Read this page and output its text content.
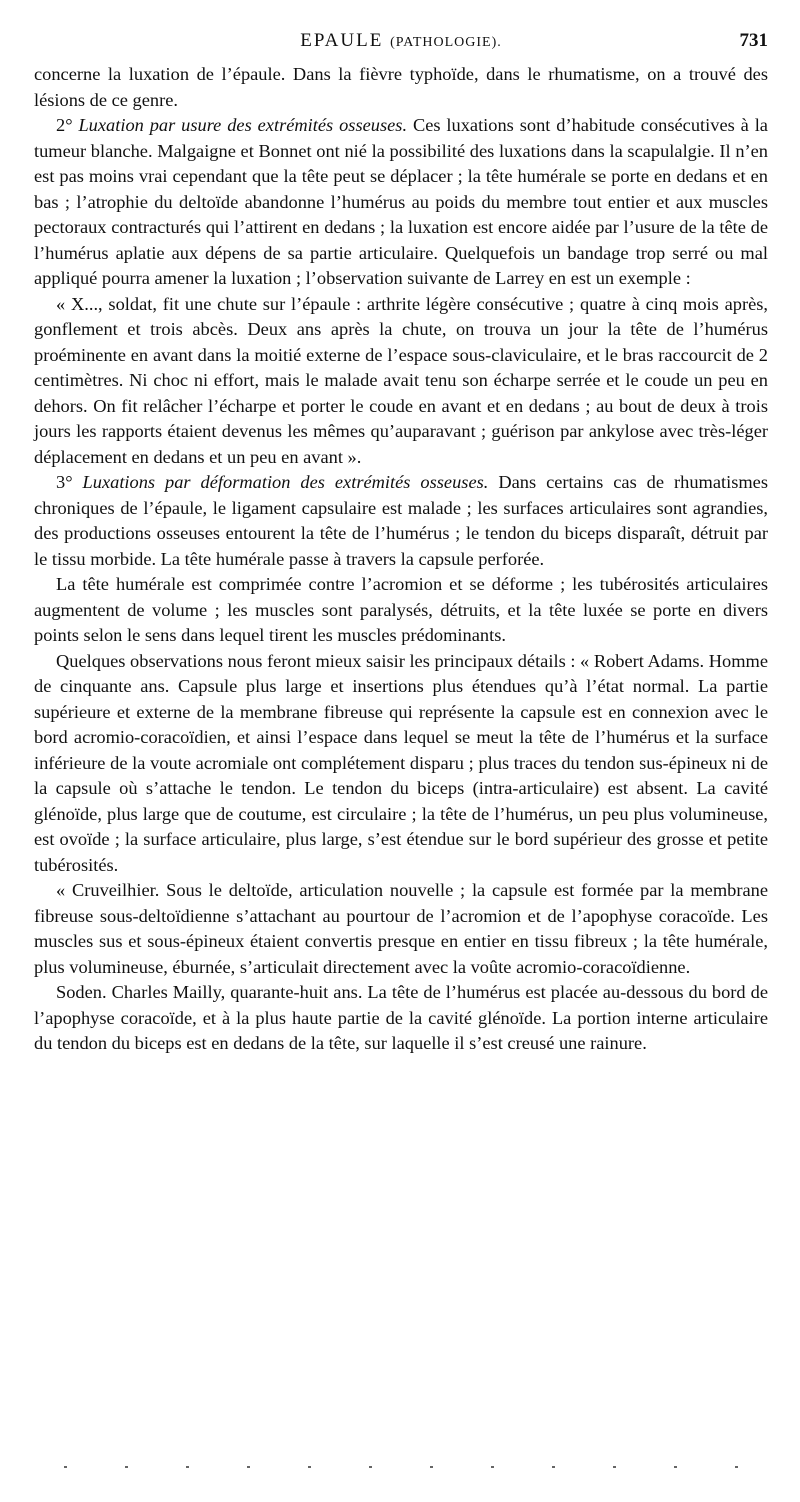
EPAULE (PATHOLOGIE).	731

concerne la luxation de l’épaule. Dans la fièvre typhoïde, dans le rhumatisme, on a trouvé des lésions de ce genre.

2° Luxation par usure des extrémités osseuses. Ces luxations sont d’habitude consécutives à la tumeur blanche. Malgaigne et Bonnet ont nié la possibilité des luxations dans la scapulalgie. Il n’en est pas moins vrai cependant que la tête peut se déplacer ; la tête humérale se porte en dedans et en bas ; l’atrophie du deltoïde abandonne l’humérus au poids du membre tout entier et aux muscles pectoraux contracturés qui l’attirent en dedans ; la luxation est encore aidée par l’usure de la tête de l’humérus aplatie aux dépens de sa partie articulaire. Quelquefois un bandage trop serré ou mal appliqué pourra amener la luxation ; l’observation suivante de Larrey en est un exemple :

« X..., soldat, fit une chute sur l’épaule : arthrite légère consécutive ; quatre à cinq mois après, gonflement et trois abcès. Deux ans après la chute, on trouva un jour la tête de l’humérus proéminente en avant dans la moitié externe de l’espace sous-claviculaire, et le bras raccourcit de 2 centimètres. Ni choc ni effort, mais le malade avait tenu son écharpe serrée et le coude un peu en dehors. On fit relâcher l’écharpe et porter le coude en avant et en dedans ; au bout de deux à trois jours les rapports étaient devenus les mêmes qu’auparavant ; guérison par ankylose avec très-léger déplacement en dedans et un peu en avant ».

3° Luxations par déformation des extrémités osseuses. Dans certains cas de rhumatismes chroniques de l’épaule, le ligament capsulaire est malade ; les surfaces articulaires sont agrandies, des productions osseuses entourent la tête de l’humérus ; le tendon du biceps disparaît, détruit par le tissu morbide. La tête humérale passe à travers la capsule perforée.

La tête humérale est comprimée contre l’acromion et se déforme ; les tubérosités articulaires augmentent de volume ; les muscles sont paralysés, détruits, et la tête luxée se porte en divers points selon le sens dans lequel tirent les muscles prédominants.

Quelques observations nous feront mieux saisir les principaux détails : « Robert Adams. Homme de cinquante ans. Capsule plus large et insertions plus étendues qu’à l’état normal. La partie supérieure et externe de la membrane fibreuse qui représente la capsule est en connexion avec le bord acromio-coracoïdien, et ainsi l’espace dans lequel se meut la tête de l’humérus et la surface inférieure de la voute acromiale ont complétement disparu ; plus traces du tendon sus-épineux ni de la capsule où s’attache le tendon. Le tendon du biceps (intra-articulaire) est absent. La cavité glénoïde, plus large que de coutume, est circulaire ; la tête de l’humérus, un peu plus volumineuse, est ovoïde ; la surface articulaire, plus large, s’est étendue sur le bord supérieur des grosse et petite tubérosités.

« Cruveilhier. Sous le deltoïde, articulation nouvelle ; la capsule est formée par la membrane fibreuse sous-deltoïdienne s’attachant au pourtour de l’acromion et de l’apophyse coracoïde. Les muscles sus et sous-épineux étaient convertis presque en entier en tissu fibreux ; la tête humérale, plus volumineuse, éburnée, s’articulait directement avec la voûte acromio-coracoïdienne.

Soden. Charles Mailly, quarante-huit ans. La tête de l’humérus est placée au-dessous du bord de l’apophyse coracoïde, et à la plus haute partie de la cavité glénoïde. La portion interne articulaire du tendon du biceps est en dedans de la tête, sur laquelle il s’est creusé une rainure.
